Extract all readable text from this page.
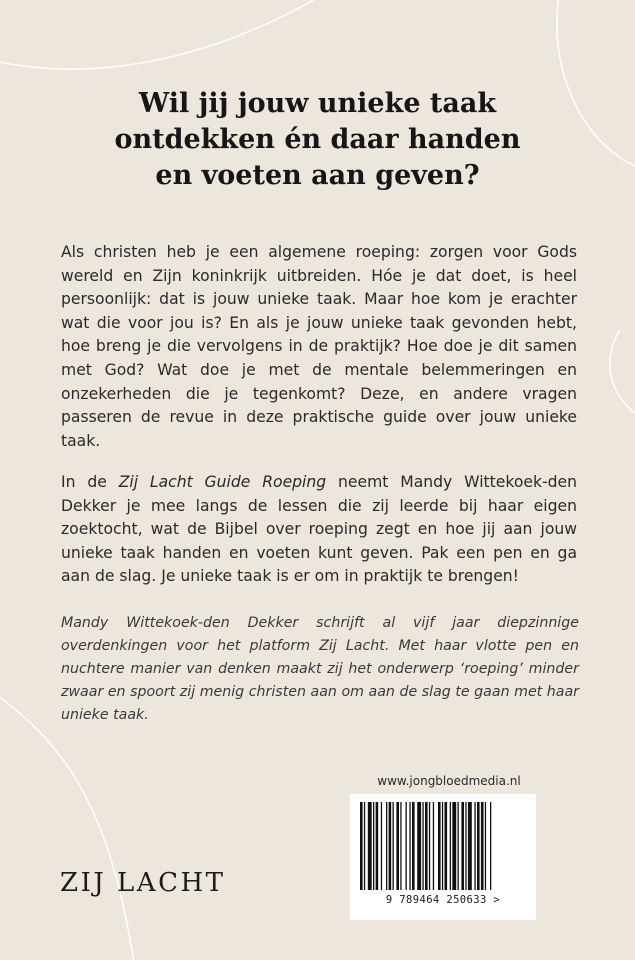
Wil jij jouw unieke taak
ontdekken én daar handen
en voeten aan geven?

Als christen heb je een algemene roeping: zorgen voor Gods wereld en Zijn koninkrijk uitbreiden. Hóe je dat doet, is heel persoonlijk: dat is jouw unieke taak. Maar hoe kom je erachter wat die voor jou is? En als je jouw unieke taak gevonden hebt, hoe breng je die vervolgens in de praktijk? Hoe doe je dit samen met God? Wat doe je met de mentale belemmeringen en onzekerheden die je tegenkomt? Deze, en andere vragen passeren de revue in deze praktische guide over jouw unieke taak.

In de Zij Lacht Guide Roeping neemt Mandy Wittekoek-den Dekker je mee langs de lessen die zij leerde bij haar eigen zoektocht, wat de Bijbel over roeping zegt en hoe jij aan jouw unieke taak handen en voeten kunt geven. Pak een pen en ga aan de slag. Je unieke taak is er om in praktijk te brengen!

Mandy Wittekoek-den Dekker schrijft al vijf jaar diepzinnige overdenkingen voor het platform Zij Lacht. Met haar vlotte pen en nuchtere manier van denken maakt zij het onderwerp ‘roeping’ minder zwaar en spoort zij menig christen aan om aan de slag te gaan met haar unieke taak.

www.jongbloedmedia.nl
9 789464 250633 >
ZIJ LACHT
